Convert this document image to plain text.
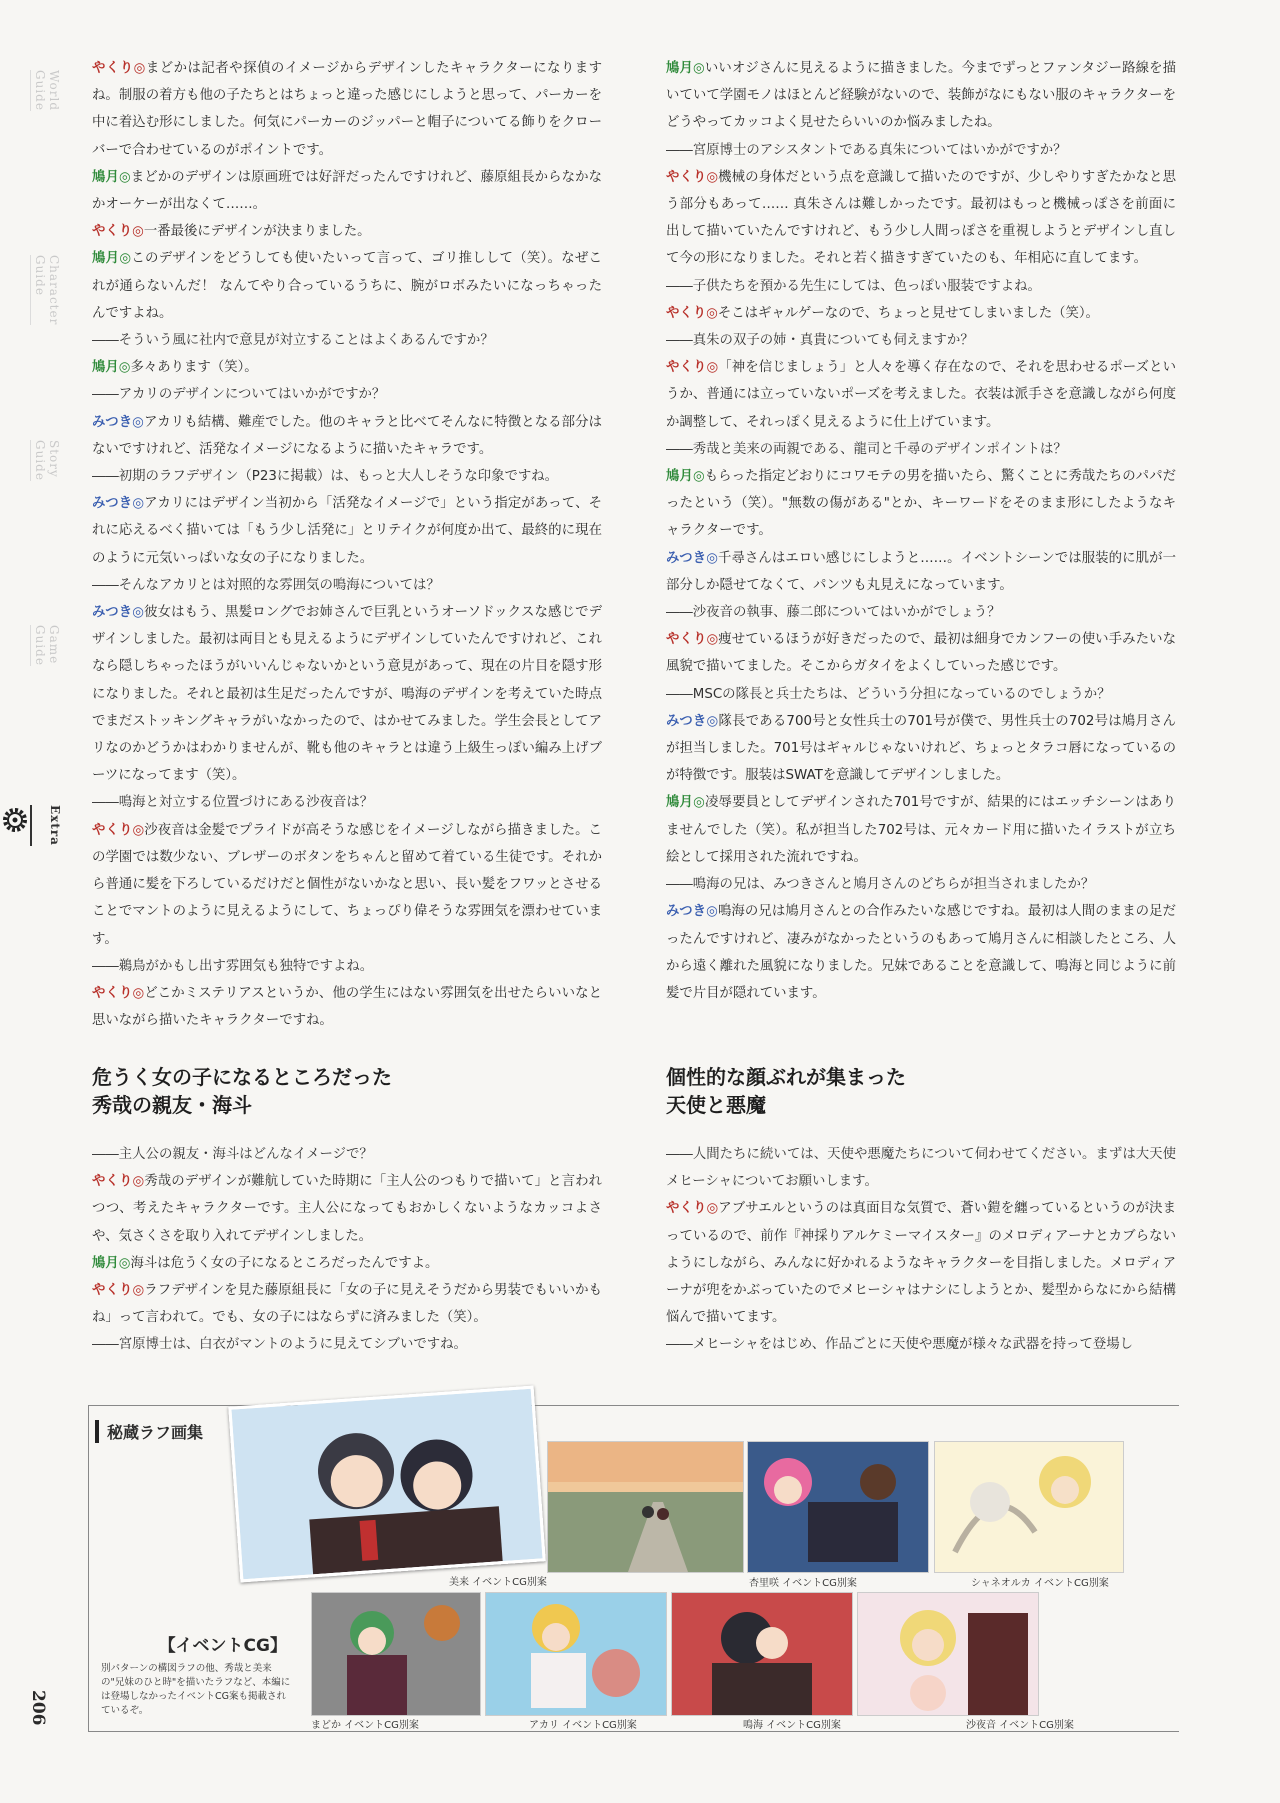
World Guide
Character Guide
Story Guide
Game Guide
Extra

やくり◎まどかは記者や探偵のイメージからデザインしたキャラクターになりますね。制服の着方も他の子たちとはちょっと違った感じにしようと思って、パーカーを中に着込む形にしました。何気にパーカーのジッパーと帽子についてる飾りをクローバーで合わせているのがポイントです。

鳩月◎まどかのデザインは原画班では好評だったんですけれど、藤原組長からなかなかオーケーが出なくて……。

やくり◎一番最後にデザインが決まりました。

鳩月◎このデザインをどうしても使いたいって言って、ゴリ推しして（笑）。なぜこれが通らないんだ！ なんてやり合っているうちに、腕がロボみたいになっちゃったんですよね。

――そういう風に社内で意見が対立することはよくあるんですか？

鳩月◎多々あります（笑）。

――アカリのデザインについてはいかがですか？

みつき◎アカリも結構、難産でした。他のキャラと比べてそんなに特徴となる部分はないですけれど、活発なイメージになるように描いたキャラです。

――初期のラフデザイン（P23に掲載）は、もっと大人しそうな印象ですね。

みつき◎アカリにはデザイン当初から「活発なイメージで」という指定があって、それに応えるべく描いては「もう少し活発に」とリテイクが何度か出て、最終的に現在のように元気いっぱいな女の子になりました。

――そんなアカリとは対照的な雰囲気の鳴海については？

みつき◎彼女はもう、黒髪ロングでお姉さんで巨乳というオーソドックスな感じでデザインしました。最初は両目とも見えるようにデザインしていたんですけれど、これなら隠しちゃったほうがいいんじゃないかという意見があって、現在の片目を隠す形になりました。それと最初は生足だったんですが、鳴海のデザインを考えていた時点でまだストッキングキャラがいなかったので、はかせてみました。学生会長としてアリなのかどうかはわかりませんが、靴も他のキャラとは違う上級生っぽい編み上げブーツになってます（笑）。

――鳴海と対立する位置づけにある沙夜音は？

やくり◎沙夜音は金髪でプライドが高そうな感じをイメージしながら描きました。この学園では数少ない、ブレザーのボタンをちゃんと留めて着ている生徒です。それから普通に髪を下ろしているだけだと個性がないかなと思い、長い髪をフワッとさせることでマントのように見えるようにして、ちょっぴり偉そうな雰囲気を漂わせています。

――鵜鳥がかもし出す雰囲気も独特ですよね。

やくり◎どこかミステリアスというか、他の学生にはない雰囲気を出せたらいいなと思いながら描いたキャラクターですね。

鳩月◎いいオジさんに見えるように描きました。今までずっとファンタジー路線を描いていて学園モノはほとんど経験がないので、装飾がなにもない服のキャラクターをどうやってカッコよく見せたらいいのか悩みましたね。

――宮原博士のアシスタントである真朱についてはいかがですか？

やくり◎機械の身体だという点を意識して描いたのですが、少しやりすぎたかなと思う部分もあって…… 真朱さんは難しかったです。最初はもっと機械っぽさを前面に出して描いていたんですけれど、もう少し人間っぽさを重視しようとデザインし直して今の形になりました。それと若く描きすぎていたのも、年相応に直してます。

――子供たちを預かる先生にしては、色っぽい服装ですよね。

やくり◎そこはギャルゲーなので、ちょっと見せてしまいました（笑）。

――真朱の双子の姉・真貴についても伺えますか？

やくり◎「神を信じましょう」と人々を導く存在なので、それを思わせるポーズというか、普通には立っていないポーズを考えました。衣装は派手さを意識しながら何度か調整して、それっぽく見えるように仕上げています。

――秀哉と美来の両親である、龍司と千尋のデザインポイントは？

鳩月◎もらった指定どおりにコワモテの男を描いたら、驚くことに秀哉たちのパパだったという（笑）。"無数の傷がある"とか、キーワードをそのまま形にしたようなキャラクターです。

みつき◎千尋さんはエロい感じにしようと……。イベントシーンでは服装的に肌が一部分しか隠せてなくて、パンツも丸見えになっています。

――沙夜音の執事、藤二郎についてはいかがでしょう？

やくり◎痩せているほうが好きだったので、最初は細身でカンフーの使い手みたいな風貌で描いてました。そこからガタイをよくしていった感じです。

――MSCの隊長と兵士たちは、どういう分担になっているのでしょうか？

みつき◎隊長である700号と女性兵士の701号が僕で、男性兵士の702号は鳩月さんが担当しました。701号はギャルじゃないけれど、ちょっとタラコ唇になっているのが特徴です。服装はSWATを意識してデザインしました。

鳩月◎凌辱要員としてデザインされた701号ですが、結果的にはエッチシーンはありませんでした（笑）。私が担当した702号は、元々カード用に描いたイラストが立ち絵として採用された流れですね。

――鳴海の兄は、みつきさんと鳩月さんのどちらが担当されましたか？

みつき◎鳴海の兄は鳩月さんとの合作みたいな感じですね。最初は人間のままの足だったんですけれど、凄みがなかったというのもあって鳩月さんに相談したところ、人から遠く離れた風貌になりました。兄妹であることを意識して、鳴海と同じように前髪で片目が隠れています。

危うく女の子になるところだった
秀哉の親友・海斗
個性的な顔ぶれが集まった
天使と悪魔

――主人公の親友・海斗はどんなイメージで？

やくり◎秀哉のデザインが難航していた時期に「主人公のつもりで描いて」と言われつつ、考えたキャラクターです。主人公になってもおかしくないようなカッコよさや、気さくさを取り入れてデザインしました。

鳩月◎海斗は危うく女の子になるところだったんですよ。

やくり◎ラフデザインを見た藤原組長に「女の子に見えそうだから男装でもいいかもね」って言われて。でも、女の子にはならずに済みました（笑）。

――宮原博士は、白衣がマントのように見えてシブいですね。

――人間たちに続いては、天使や悪魔たちについて伺わせてください。まずは大天使メヒーシャについてお願いします。

やくり◎アブサエルというのは真面目な気質で、蒼い鎧を纏っているというのが決まっているので、前作『神採りアルケミーマイスター』のメロディアーナとカブらないようにしながら、みんなに好かれるようなキャラクターを目指しました。メロディアーナが兜をかぶっていたのでメヒーシャはナシにしようとか、髪型からなにから結構悩んで描いてます。

――メヒーシャをはじめ、作品ごとに天使や悪魔が様々な武器を持って登場し

秘蔵ラフ画集
美来 イベントCG別案	杏里咲 イベントCG別案	シャネオルカ イベントCG別案
【イベントCG】
別パターンの構図ラフの他、秀哉と美来の"兄妹のひと時"を描いたラフなど、本編には登場しなかったイベントCG案も掲載されているぞ。
まどか イベントCG別案	アカリ イベントCG別案	鳴海 イベントCG別案	沙夜音 イベントCG別案
206
